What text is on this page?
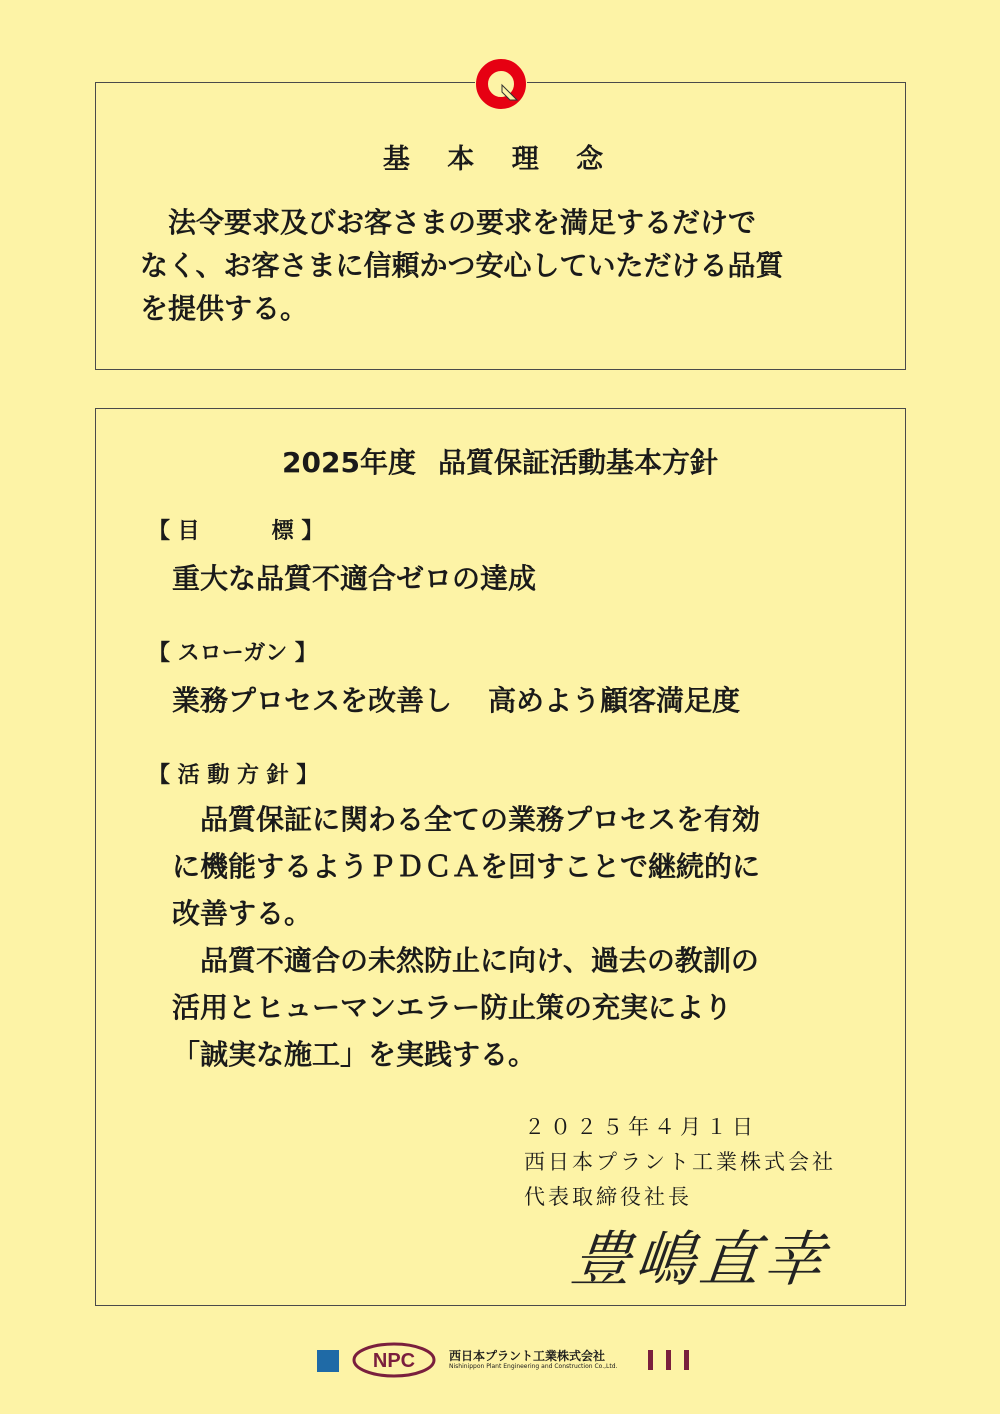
基 本 理 念
　法令要求及びお客さまの要求を満足するだけで
なく、お客さまに信頼かつ安心していただける品質
を提供する。
2025年度 品質保証活動基本方針
【 目	標 】
重大な品質不適合ゼロの達成
【 スローガン 】
業務プロセスを改善し 高めよう顧客満足度
【 活 動 方 針 】

　品質保証に関わる全ての業務プロセスを有効

に機能するようＰＤＣＡを回すことで継続的に

改善する。

　品質不適合の未然防止に向け、過去の教訓の

活用とヒューマンエラー防止策の充実により

「誠実な施工」を実践する。

２０２５年４月１日
西日本プラント工業株式会社
代表取締役社長
豊嶋直幸
NPC	西日本プラント工業株式会社
Nishinippon Plant Engineering and Construction Co.,Ltd.
